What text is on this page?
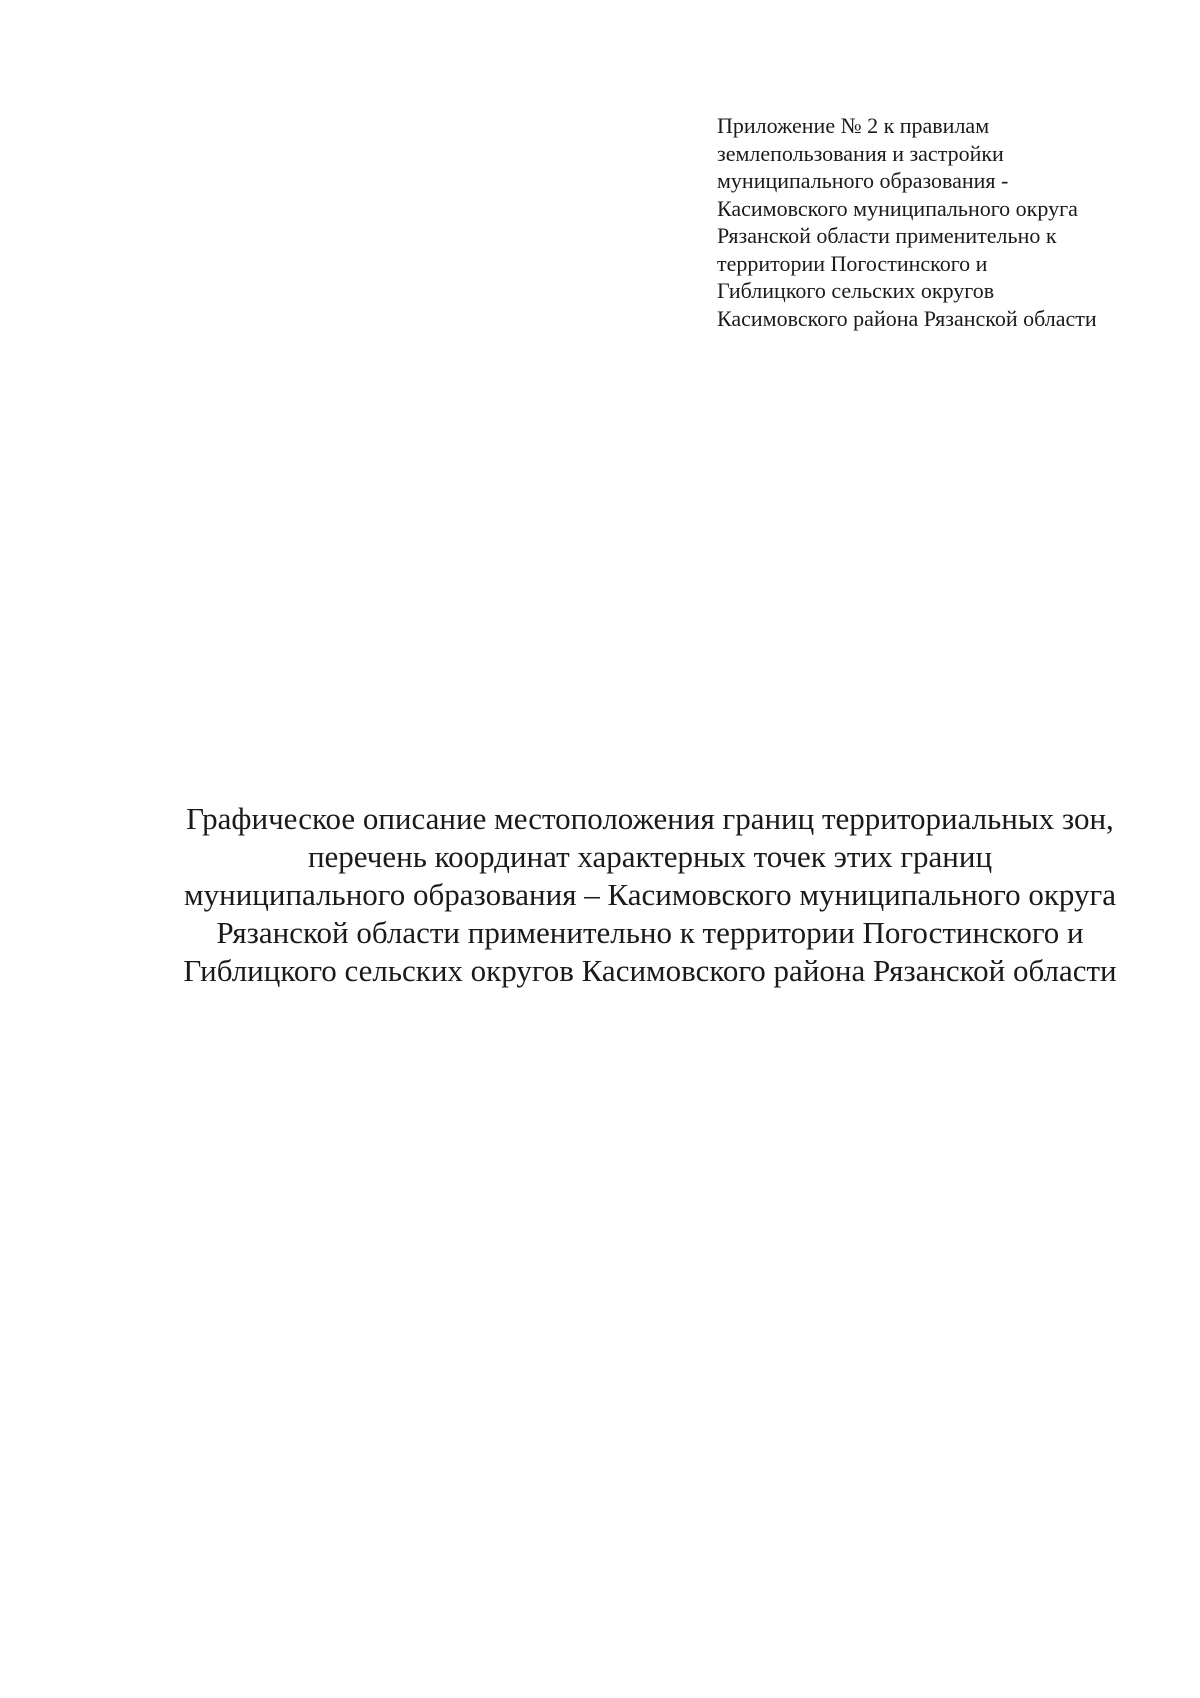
Приложение № 2 к правилам
землепользования и застройки
муниципального образования -
Касимовского муниципального округа
Рязанской области применительно к
территории Погостинского и
Гиблицкого сельских округов
Касимовского района Рязанской области
Графическое описание местоположения границ территориальных зон,
перечень координат характерных точек этих границ
муниципального образования – Касимовского муниципального округа
Рязанской области применительно к территории Погостинского и
Гиблицкого сельских округов Касимовского района Рязанской области
